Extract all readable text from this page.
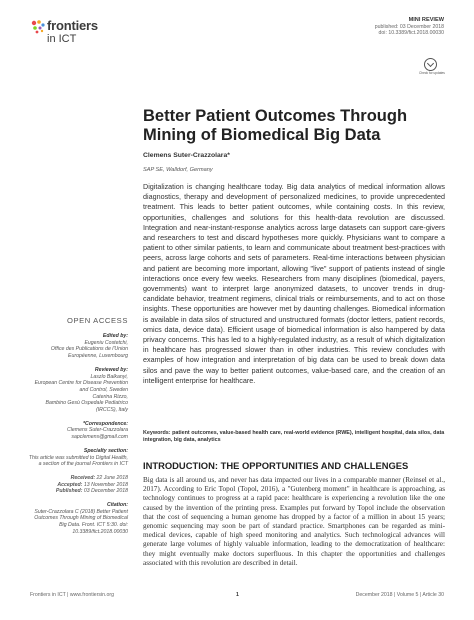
frontiers
in ICT
MINI REVIEW
published: 03 December 2018
doi: 10.3389/fict.2018.00030
Check for updates
Better Patient Outcomes Through Mining of Biomedical Big Data
Clemens Suter-Crazzolara*
SAP SE, Walldorf, Germany

Digitalization is changing healthcare today. Big data analytics of medical information allows diagnostics, therapy and development of personalized medicines, to provide unprecedented treatment. This leads to better patient outcomes, while containing costs. In this review, opportunities, challenges and solutions for this health-data revolution are discussed. Integration and near-instant-response analytics across large datasets can support care-givers and researchers to test and discard hypotheses more quickly. Physicians want to compare a patient to other similar patients, to learn and communicate about treatment best-practices with peers, across large cohorts and sets of parameters. Real-time interactions between physician and patient are becoming more important, allowing "live" support of patients instead of single interactions once every few weeks. Researchers from many disciplines (biomedical, payers, governments) want to interpret large anonymized datasets, to uncover trends in drug-candidate behavior, treatment regimens, clinical trials or reimbursements, and to act on those insights. These opportunities are however met by daunting challenges. Biomedical information is available in data silos of structured and unstructured formats (doctor letters, patient records, omics data, device data). Efficient usage of biomedical information is also hampered by data privacy concerns. This has led to a highly-regulated industry, as a result of which digitalization in healthcare has progressed slower than in other industries. This review concludes with examples of how integration and interpretation of big data can be used to break down data silos and pave the way to better patient outcomes, value-based care, and the creation of an intelligent enterprise for healthcare.

Keywords: patient outcomes, value-based health care, real-world evidence (RWE), intelligent hospital, data silos, data integration, big data, analytics

OPEN ACCESS
Edited by:
Eugeniu Costetchi,
Office des Publications de l'Union Européenne, Luxembourg
Reviewed by:
Laszlo Balkanyi,
European Centre for Disease Prevention and Control, Sweden
Caterina Rizzo,
Bambino Gesù Ospedale Pediatrico (IRCCS), Italy
*Correspondence:
Clemens Suter-Crazzolara
sapclemens@gmail.com
Specialty section:
This article was submitted to Digital Health, a section of the journal Frontiers in ICT
Received: 22 June 2018
Accepted: 13 November 2018
Published: 03 December 2018
Citation:
Suter-Crazzolara C (2018) Better Patient Outcomes Through Mining of Biomedical Big Data. Front. ICT 5:30. doi: 10.3389/fict.2018.00030
INTRODUCTION: THE OPPORTUNITIES AND CHALLENGES

Big data is all around us, and never has data impacted our lives in a comparable manner (Reinsel et al., 2017). According to Eric Topol (Topol, 2016), a "Gutenberg moment" in healthcare is approaching, as technology continues to progress at a rapid pace: healthcare is experiencing a revolution like the one caused by the invention of the printing press. Examples put forward by Topol include the observation that the cost of sequencing a human genome has dropped by a factor of a million in about 15 years; genomic sequencing may soon be part of standard practice. Smartphones can be regarded as mini-medical devices, capable of high speed monitoring and analytics. Such technological advances will generate large volumes of highly valuable information, leading to the democratization of healthcare: they might eventually make doctors superfluous. In this chapter the opportunities and challenges associated with this revolution are described in detail.

Frontiers in ICT | www.frontiersin.org	1	December 2018 | Volume 5 | Article 30
